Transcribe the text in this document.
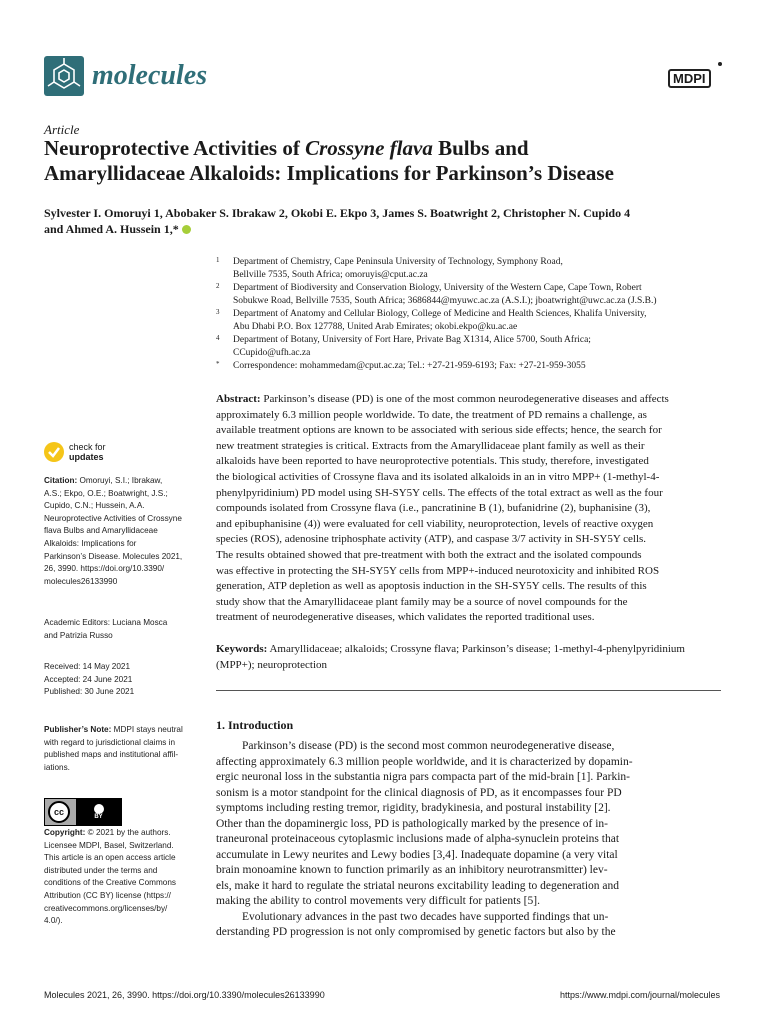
molecules	MDPI
Article
Neuroprotective Activities of Crossyne flava Bulbs and
Amaryllidaceae Alkaloids: Implications for Parkinson’s Disease
Sylvester I. Omoruyi 1, Abobaker S. Ibrakaw 2, Okobi E. Ekpo 3, James S. Boatwright 2, Christopher N. Cupido 4
and Ahmed A. Hussein 1,*
1 Department of Chemistry, Cape Peninsula University of Technology, Symphony Road,
Bellville 7535, South Africa; omoruyis@cput.ac.za
2 Department of Biodiversity and Conservation Biology, University of the Western Cape, Cape Town, Robert
Sobukwe Road, Bellville 7535, South Africa; 3686844@myuwc.ac.za (A.S.I.); jboatwright@uwc.ac.za (J.S.B.)
3 Department of Anatomy and Cellular Biology, College of Medicine and Health Sciences, Khalifa University,
Abu Dhabi P.O. Box 127788, United Arab Emirates; okobi.ekpo@ku.ac.ae
4 Department of Botany, University of Fort Hare, Private Bag X1314, Alice 5700, South Africa;
CCupido@ufh.ac.za
* Correspondence: mohammedam@cput.ac.za; Tel.: +27-21-959-6193; Fax: +27-21-959-3055
Abstract: Parkinson’s disease (PD) is one of the most common neurodegenerative diseases and affects
approximately 6.3 million people worldwide. To date, the treatment of PD remains a challenge, as
available treatment options are known to be associated with serious side effects; hence, the search for
new treatment strategies is critical. Extracts from the Amaryllidaceae plant family as well as their
alkaloids have been reported to have neuroprotective potentials. This study, therefore, investigated
the biological activities of Crossyne flava and its isolated alkaloids in an in vitro MPP+ (1-methyl-4-
phenylpyridinium) PD model using SH-SY5Y cells. The effects of the total extract as well as the four
compounds isolated from Crossyne flava (i.e., pancratinine B (1), bufanidrine (2), buphanisine (3),
and epibuphanisine (4)) were evaluated for cell viability, neuroprotection, levels of reactive oxygen
species (ROS), adenosine triphosphate activity (ATP), and caspase 3/7 activity in SH-SY5Y cells.
The results obtained showed that pre-treatment with both the extract and the isolated compounds
was effective in protecting the SH-SY5Y cells from MPP+-induced neurotoxicity and inhibited ROS
generation, ATP depletion as well as apoptosis induction in the SH-SY5Y cells. The results of this
study show that the Amaryllidaceae plant family may be a source of novel compounds for the
treatment of neurodegenerative diseases, which validates the reported traditional uses.
Keywords: Amaryllidaceae; alkaloids; Crossyne flava; Parkinson’s disease; 1-methyl-4-phenylpyridinium
(MPP+); neuroprotection
check for
updates
Citation: Omoruyi, S.I.; Ibrakaw,
A.S.; Ekpo, O.E.; Boatwright, J.S.;
Cupido, C.N.; Hussein, A.A.
Neuroprotective Activities of Crossyne
flava Bulbs and Amaryllidaceae
Alkaloids: Implications for
Parkinson’s Disease. Molecules 2021,
26, 3990. https://doi.org/10.3390/
molecules26133990
Academic Editors: Luciana Mosca
and Patrizia Russo
Received: 14 May 2021
Accepted: 24 June 2021
Published: 30 June 2021
Publisher’s Note: MDPI stays neutral
with regard to jurisdictional claims in
published maps and institutional affil-
iations.
cc	BY
Copyright: © 2021 by the authors.
Licensee MDPI, Basel, Switzerland.
This article is an open access article
distributed under the terms and
conditions of the Creative Commons
Attribution (CC BY) license (https://
creativecommons.org/licenses/by/
4.0/).
1. Introduction
Parkinson’s disease (PD) is the second most common neurodegenerative disease,
affecting approximately 6.3 million people worldwide, and it is characterized by dopamin-
ergic neuronal loss in the substantia nigra pars compacta part of the mid-brain [1]. Parkin-
sonism is a motor standpoint for the clinical diagnosis of PD, as it encompasses four PD
symptoms including resting tremor, rigidity, bradykinesia, and postural instability [2].
Other than the dopaminergic loss, PD is pathologically marked by the presence of in-
traneuronal proteinaceous cytoplasmic inclusions made of alpha-synuclein proteins that
accumulate in Lewy neurites and Lewy bodies [3,4]. Inadequate dopamine (a very vital
brain monoamine known to function primarily as an inhibitory neurotransmitter) lev-
els, make it hard to regulate the striatal neurons excitability leading to degeneration and
making the ability to control movements very difficult for patients [5].
Evolutionary advances in the past two decades have supported findings that un-
derstanding PD progression is not only compromised by genetic factors but also by the
Molecules 2021, 26, 3990. https://doi.org/10.3390/molecules26133990	https://www.mdpi.com/journal/molecules
